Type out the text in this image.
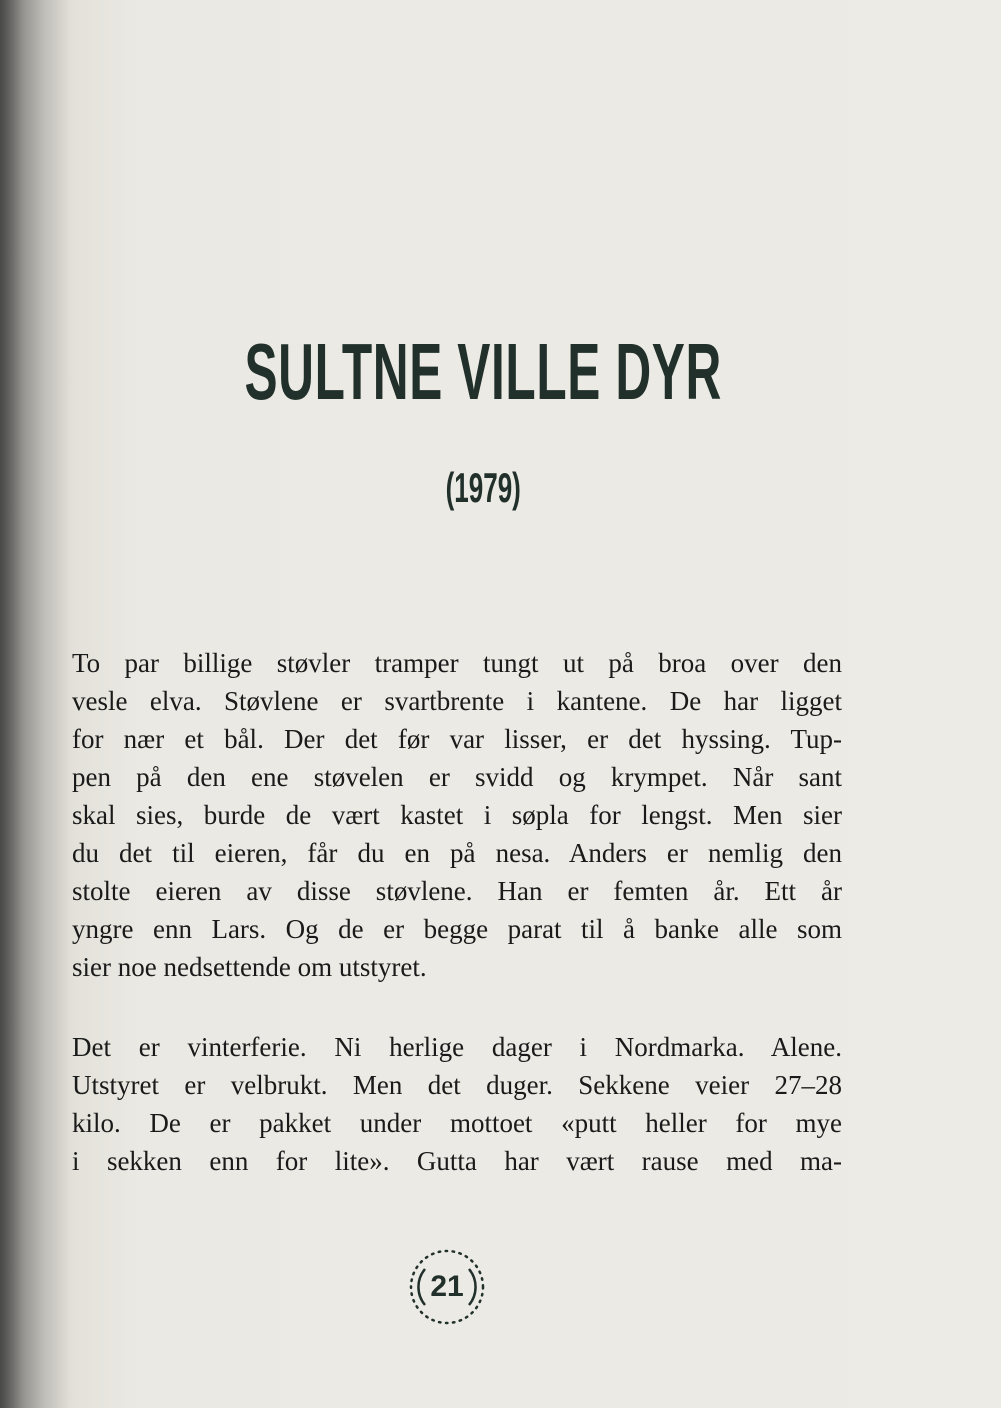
SULTNE VILLE DYR
(1979)
To par billige støvler tramper tungt ut på broa over den
vesle elva. Støvlene er svartbrente i kantene. De har ligget
for nær et bål. Der det før var lisser, er det hyssing. Tup-
pen på den ene støvelen er svidd og krympet. Når sant
skal sies, burde de vært kastet i søpla for lengst. Men sier
du det til eieren, får du en på nesa. Anders er nemlig den
stolte eieren av disse støvlene. Han er femten år. Ett år
yngre enn Lars. Og de er begge parat til å banke alle som
sier noe nedsettende om utstyret.
Det er vinterferie. Ni herlige dager i Nordmarka. Alene.
Utstyret er velbrukt. Men det duger. Sekkene veier 27–28
kilo. De er pakket under mottoet «putt heller for mye
i sekken enn for lite». Gutta har vært rause med ma-
21
